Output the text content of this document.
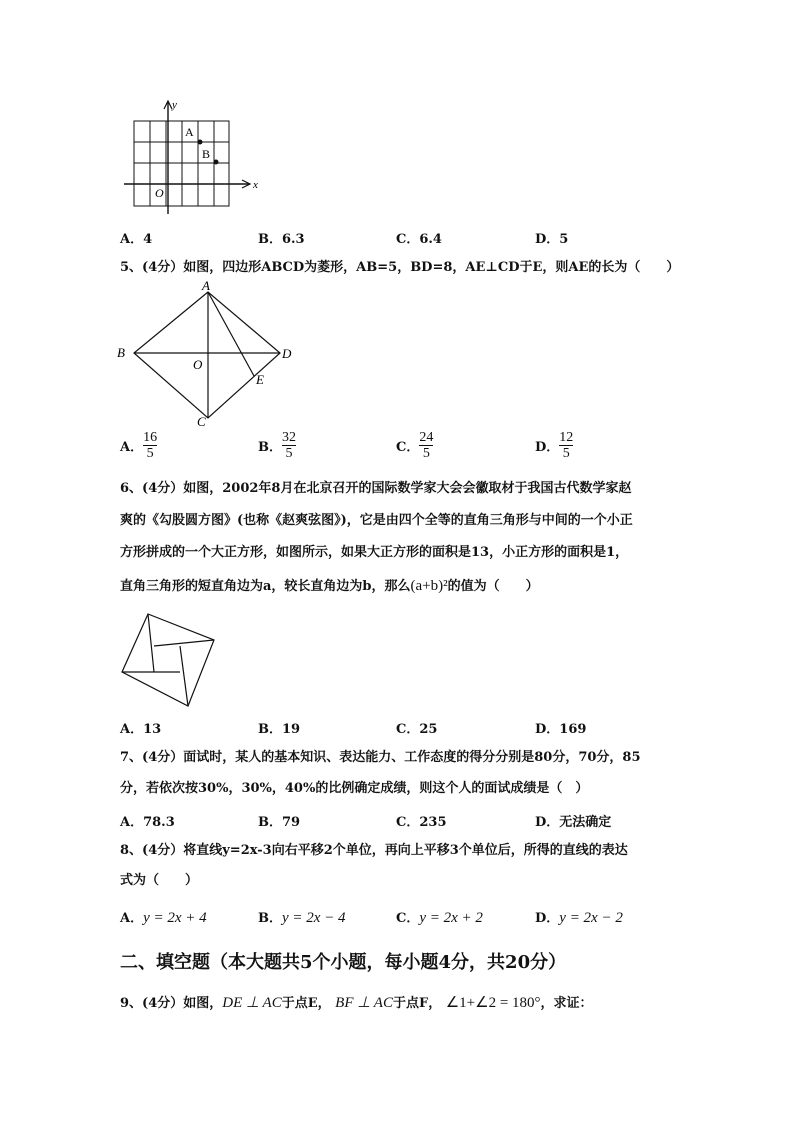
y
x
A
B
O
A．4	B．6.3	C．6.4	D．5
5、(4分）如图，四边形ABCD为菱形，AB=5，BD=8，AE⊥CD于E，则AE的长为（　　）
A
B	D
O
E
C
A． $\frac{16}{5}$	B． $\frac{32}{5}$	C． $\frac{24}{5}$	D． $\frac{12}{5}$
6、(4分）如图，2002年8月在北京召开的国际数学家大会会徽取材于我国古代数学家赵
爽的《勾股圆方图》(也称《赵爽弦图》)，它是由四个全等的直角三角形与中间的一个小正
方形拼成的一个大正方形，如图所示，如果大正方形的面积是13，小正方形的面积是1，
直角三角形的短直角边为a，较长直角边为b，那么(a+b)²的值为（　　）
A．13	B．19	C．25	D．169
7、(4分）面试时，某人的基本知识、表达能力、工作态度的得分分别是80分，70分，85
分，若依次按30%，30%，40%的比例确定成绩，则这个人的面试成绩是（　）
A．78.3	B．79	C．235	D．无法确定
8、(4分）将直线y=2x-3向右平移2个单位，再向上平移3个单位后，所得的直线的表达
式为（　　）
A．y = 2x + 4	B．y = 2x − 4	C．y = 2x + 2	D．y = 2x − 2
二、填空题（本大题共5个小题，每小题4分，共20分）
9、(4分）如图，DE ⊥ AC于点E， BF ⊥ AC于点F， ∠1+∠2 = 180°，求证：
